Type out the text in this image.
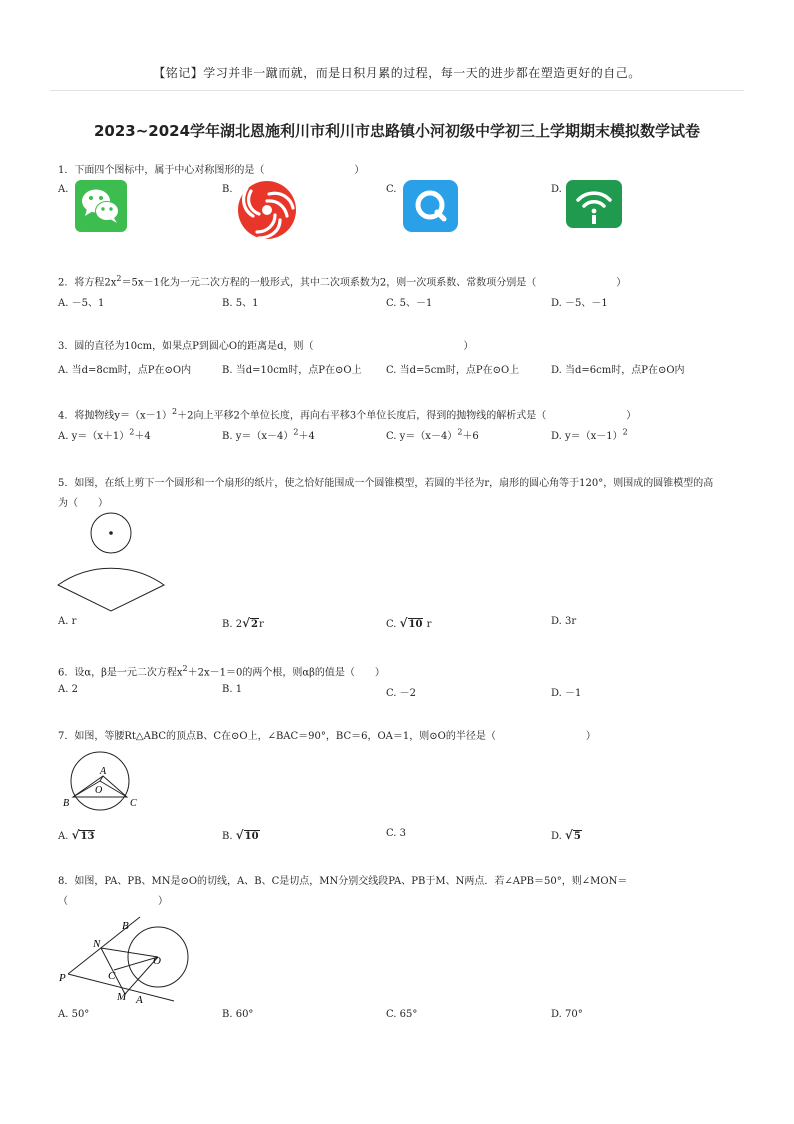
【铭记】学习并非一蹴而就，而是日积月累的过程，每一天的进步都在塑造更好的自己。
2023~2024学年湖北恩施利川市利川市忠路镇小河初级中学初三上学期期末模拟数学试卷
1．下面四个图标中，属于中心对称图形的是（　　　　　　　　　）
A.	B.	C.	D.
2．将方程$2x^2=5x-1$化为一元二次方程的一般形式，其中二次项系数为2，则一次项系数、常数项分别是（　　　　　　　　）
A. －5、1	B. 5、1	C. 5、－1	D. －5、－1
3．圆的直径为10cm，如果点P到圆心O的距离是d，则（　　　　　　　　　　　　　　　）
A. 当d=8cm时，点P在⊙O内	B. 当d=10cm时，点P在⊙O上 C. 当d=5cm时，点P在⊙O上	D. 当d=6cm时，点P在⊙O内
4．将抛物线$y=(x-1)^2+2$向上平移2个单位长度，再向右平移3个单位长度后，得到的抛物线的解析式是（　　　　　　　　）
A. $y=(x+1)^2+4$	B. $y=(x-4)^2+4$	C. $y=(x-4)^2+6$	D. $y=(x-1)^2$
5．如图，在纸上剪下一个圆形和一个扇形的纸片，使之恰好能围成一个圆锥模型，若圆的半径为r，扇形的圆心角等于120°，则围成的圆锥模型的高为（　　）
A. r	B. 2√2r	C. √10 r	D. 3r
6．设α，β是一元二次方程$x^2+2x-1=0$的两个根，则αβ的值是（　　）
A. 2	B. 1	C. －2	D. －1
7．如图，等腰Rt△ABC的顶点B、C在⊙O上，∠BAC＝90°，BC＝6，OA＝1，则⊙O的半径是（　　　　　　　　　）
A
O
B	C
A. √13	B. √10	C. 3	D. √5
8．如图，PA、PB、MN是⊙O的切线，A、B、C是切点，MN分别交线段PA、PB于M、N两点．若∠APB＝50°，则∠MON＝
（　　　　　　　　　）
B
N
O
P	C
M A
A. 50°	B. 60°	C. 65°	D. 70°
